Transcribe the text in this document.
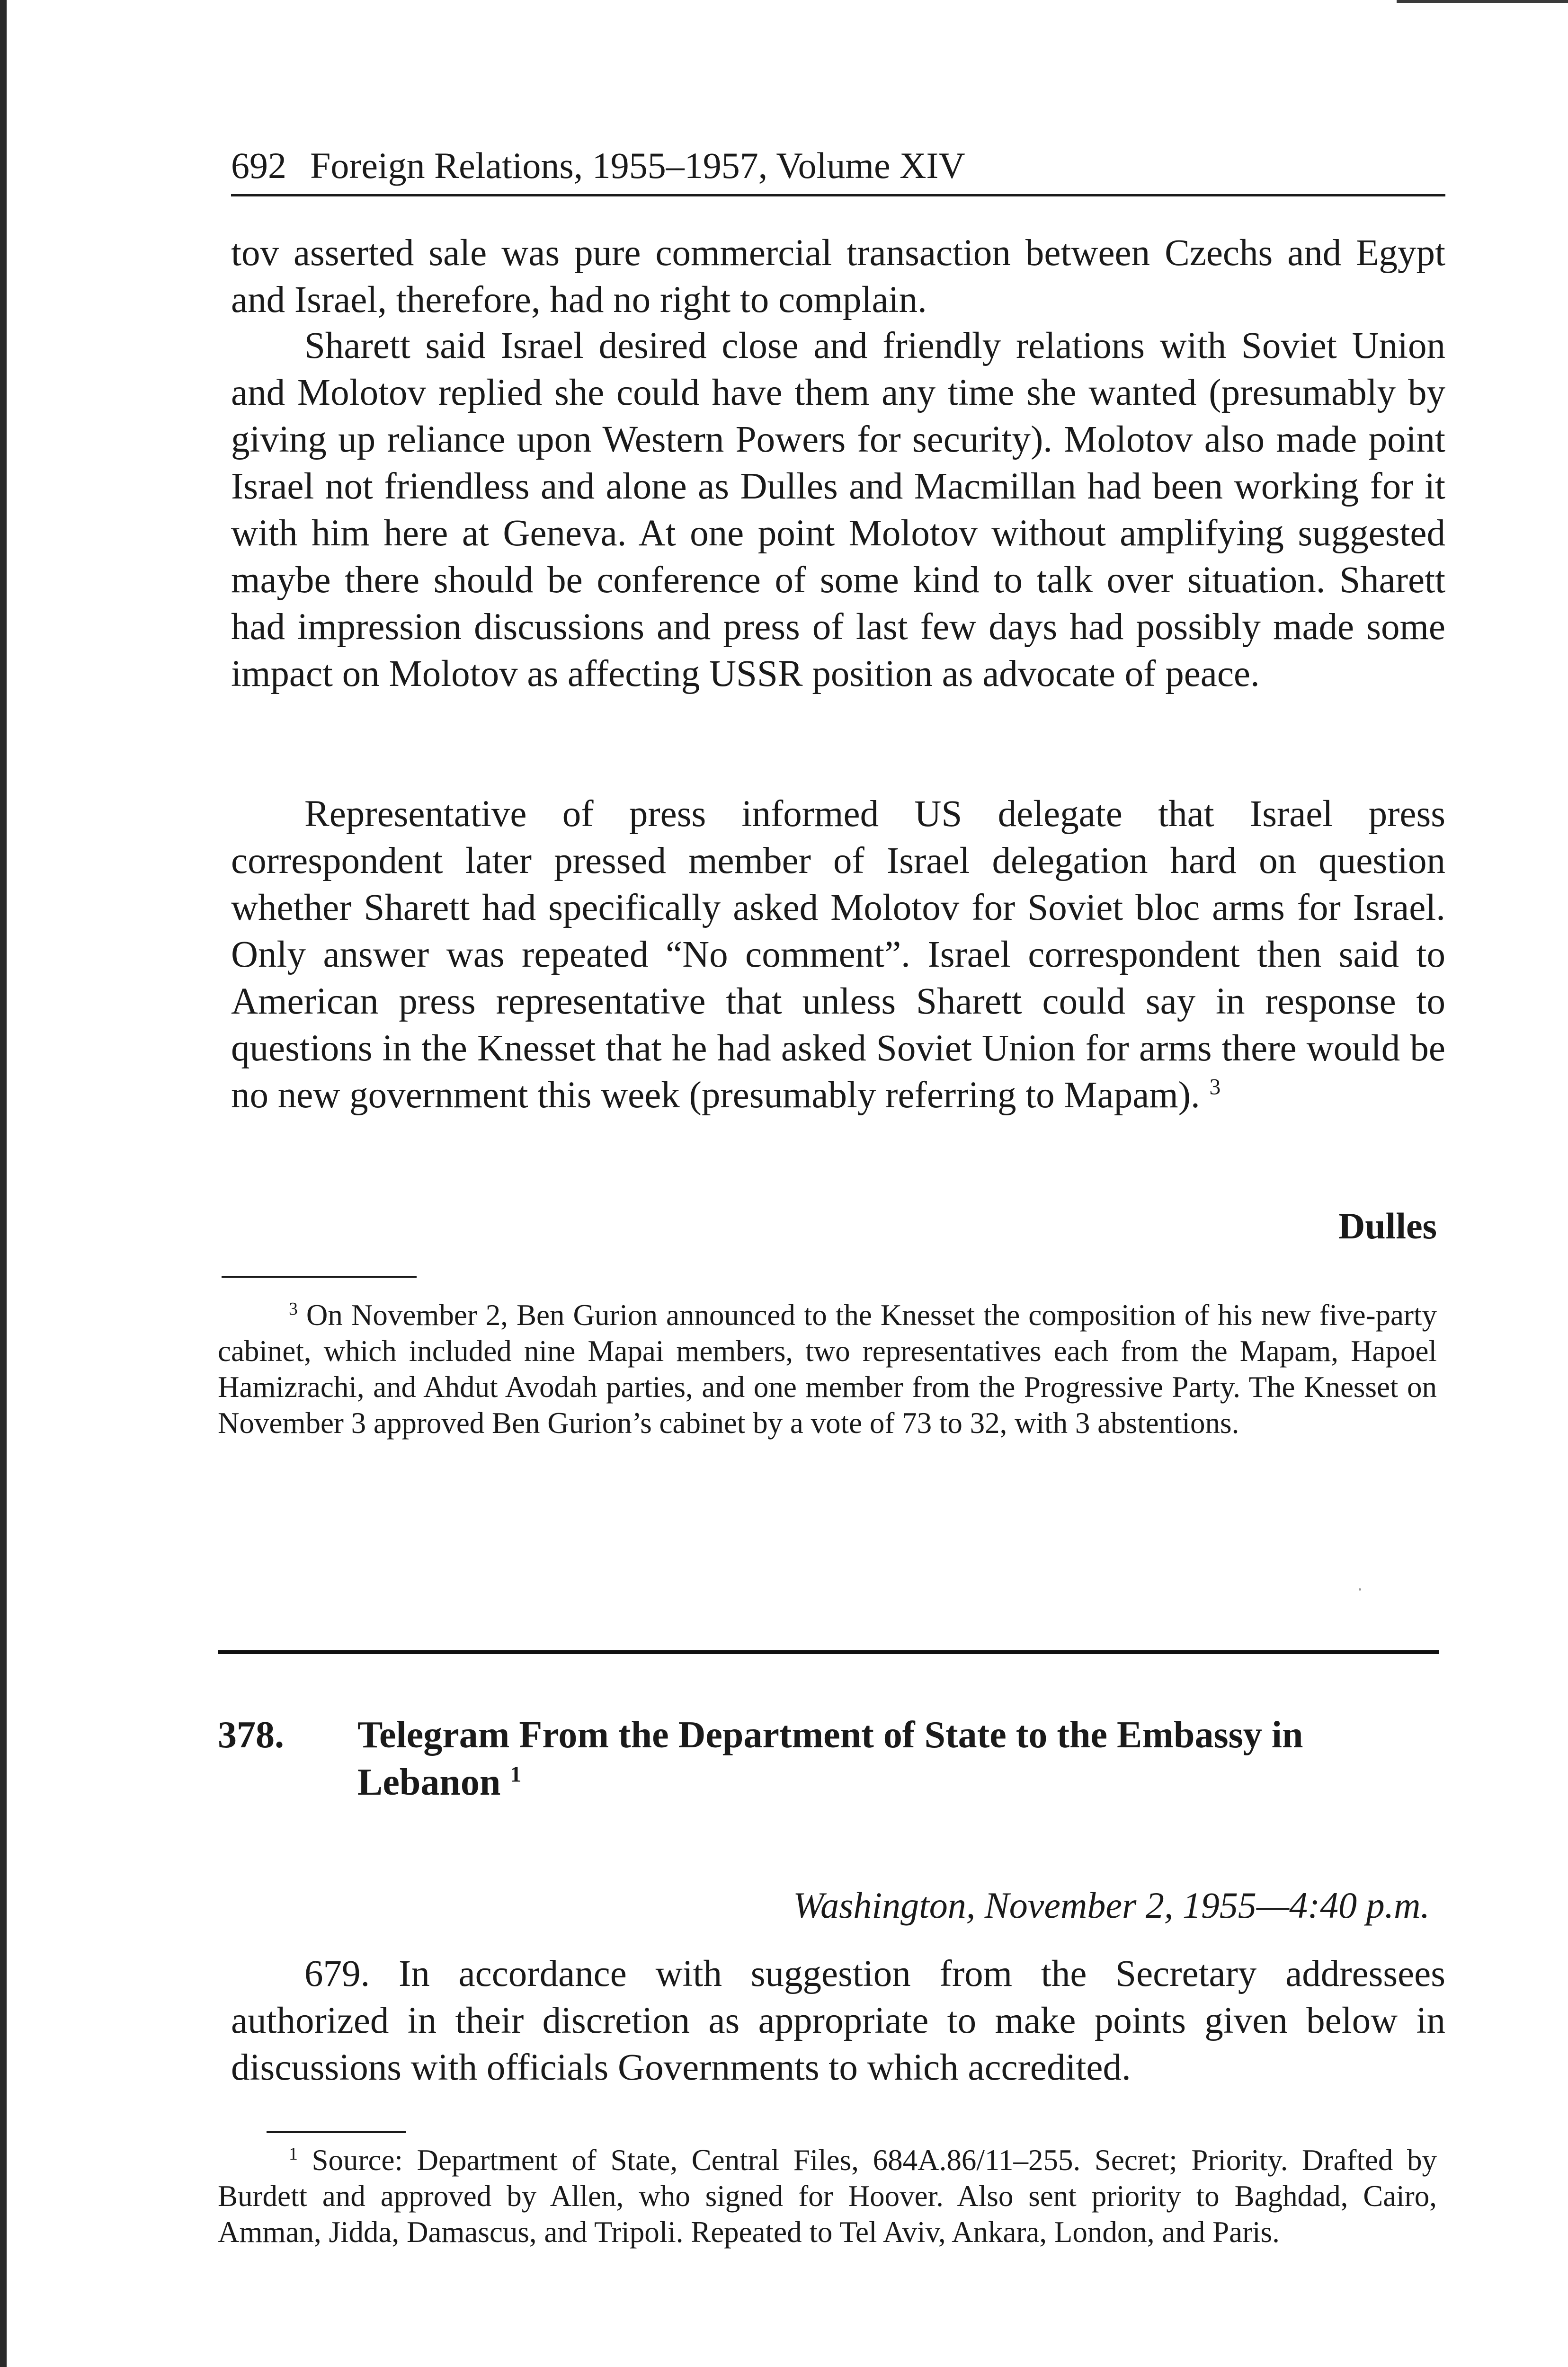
692 Foreign Relations, 1955–1957, Volume XIV

tov asserted sale was pure commercial transaction between Czechs and Egypt and Israel, therefore, had no right to complain.

Sharett said Israel desired close and friendly relations with Soviet Union and Molotov replied she could have them any time she wanted (presumably by giving up reliance upon Western Powers for security). Molotov also made point Israel not friendless and alone as Dulles and Macmillan had been working for it with him here at Geneva. At one point Molotov without amplifying suggested maybe there should be conference of some kind to talk over situation. Sharett had impression discussions and press of last few days had possibly made some impact on Molotov as affecting USSR position as advocate of peace.

Representative of press informed US delegate that Israel press correspondent later pressed member of Israel delegation hard on question whether Sharett had specifically asked Molotov for Soviet bloc arms for Israel. Only answer was repeated “No comment”. Israel correspondent then said to American press representative that unless Sharett could say in response to questions in the Knesset that he had asked Soviet Union for arms there would be no new government this week (presumably referring to Mapam). $^3$

Dulles

$^3$ On November 2, Ben Gurion announced to the Knesset the composition of his new five-party cabinet, which included nine Mapai members, two representatives each from the Mapam, Hapoel Hamizrachi, and Ahdut Avodah parties, and one member from the Progressive Party. The Knesset on November 3 approved Ben Gurion’s cabinet by a vote of 73 to 32, with 3 abstentions.

378. Telegram From the Department of State to the Embassy in Lebanon $^1$

Washington, November 2, 1955—4:40 p.m.

679. In accordance with suggestion from the Secretary addressees authorized in their discretion as appropriate to make points given below in discussions with officials Governments to which accredited.

$^1$ Source: Department of State, Central Files, 684A.86/11–255. Secret; Priority. Drafted by Burdett and approved by Allen, who signed for Hoover. Also sent priority to Baghdad, Cairo, Amman, Jidda, Damascus, and Tripoli. Repeated to Tel Aviv, Ankara, London, and Paris.
